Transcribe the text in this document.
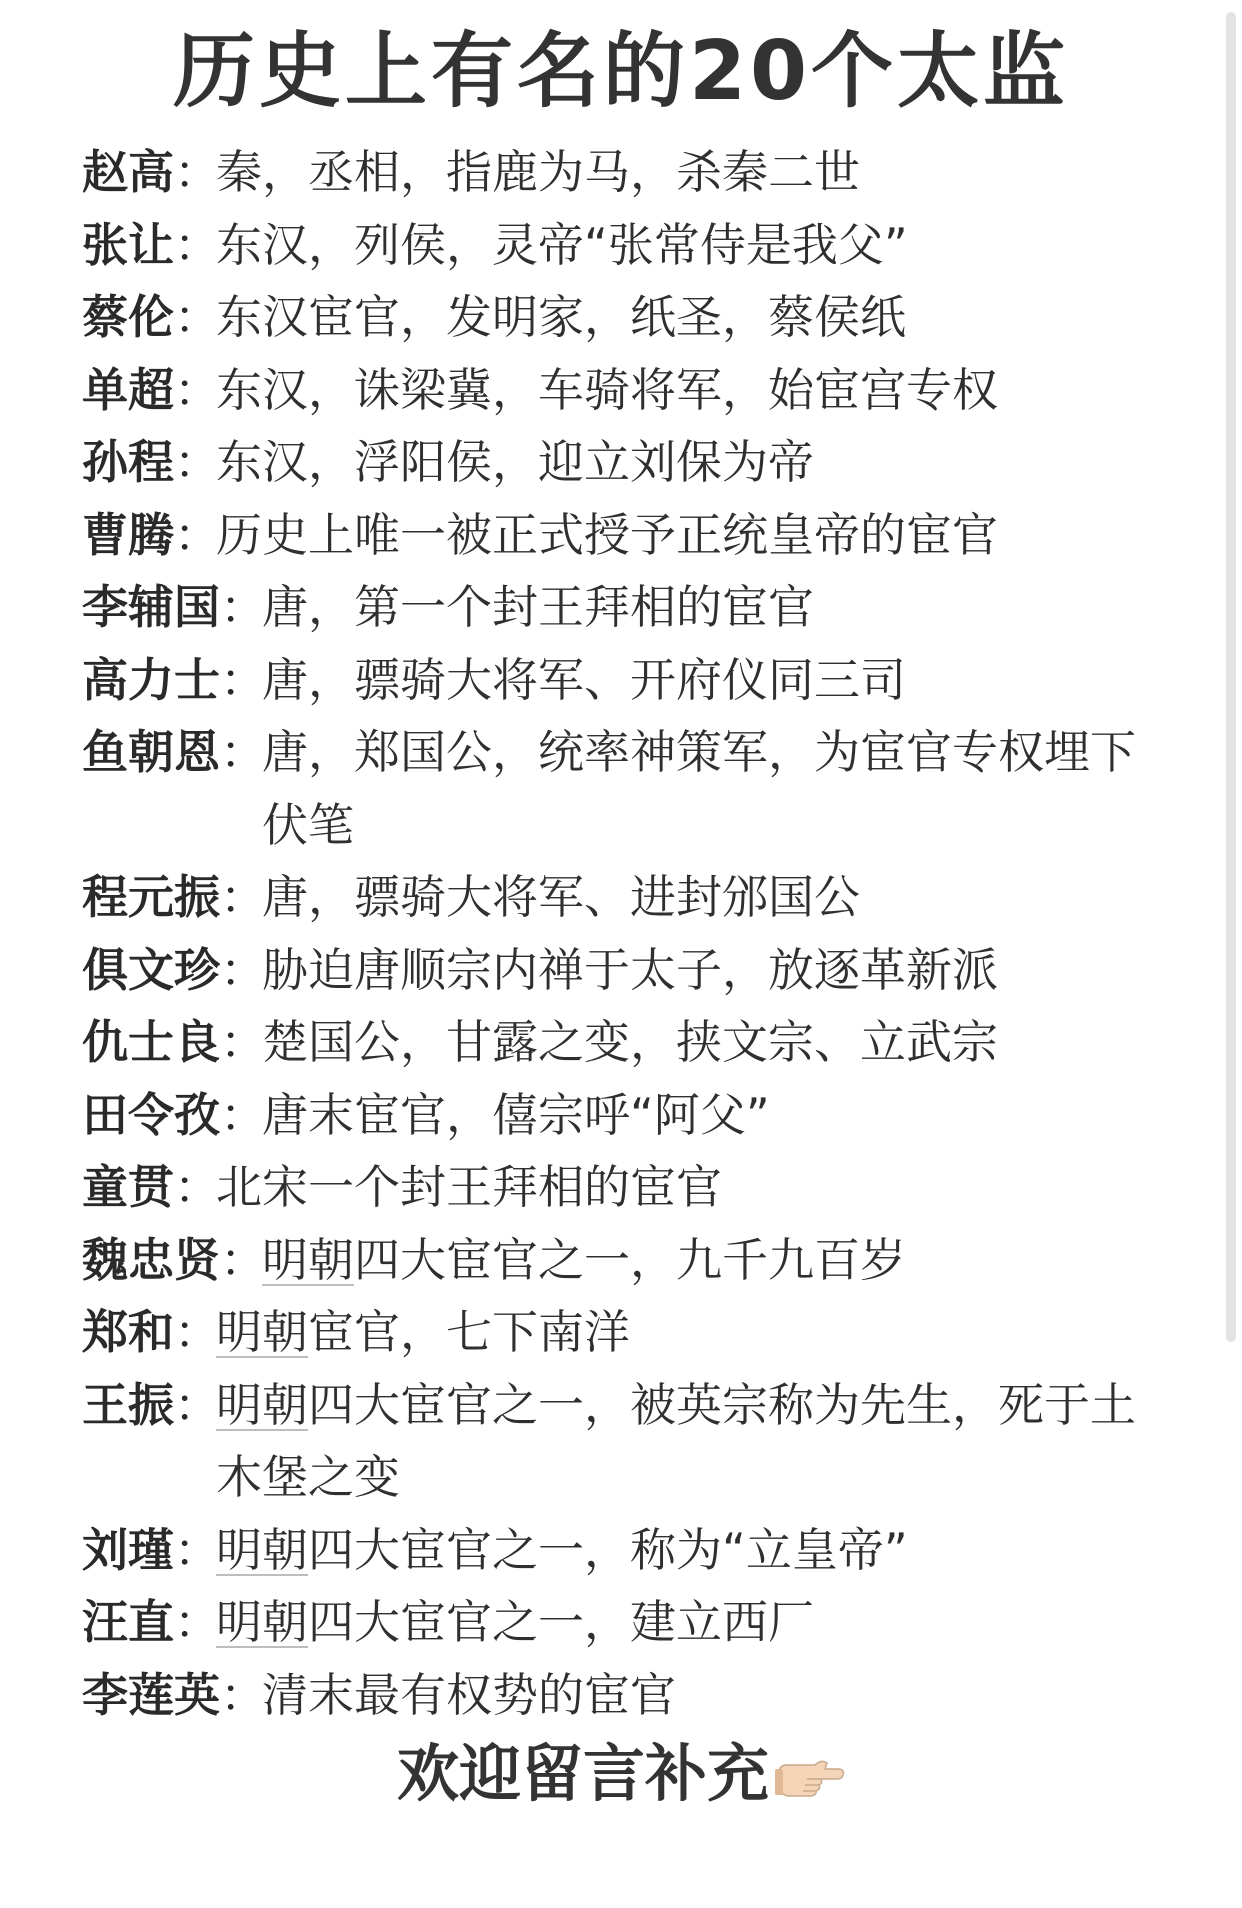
历史上有名的20个太监
赵高 ：
秦，丞相，指鹿为马，杀秦二世
张让 ：
东汉，列侯，灵帝“张常侍是我父”
蔡伦 ：
东汉宦官，发明家，纸圣，蔡侯纸
单超 ：
东汉，诛梁冀，车骑将军，始宦宫专权
孙程 ：
东汉，浮阳侯，迎立刘保为帝
曹腾 ：
历史上唯一被正式授予正统皇帝的宦官
李辅国 ：
唐，第一个封王拜相的宦官
高力士 ：
唐，骠骑大将军、开府仪同三司
鱼朝恩 ：
唐，郑国公，统率神策军，为宦官专权埋下伏笔
程元振 ：
唐，骠骑大将军、进封邠国公
俱文珍 ：
胁迫唐顺宗内禅于太子，放逐革新派
仇士良 ：
楚国公，甘露之变，挟文宗、立武宗
田令孜 ：
唐末宦官，僖宗呼“阿父”
童贯 ：
北宋一个封王拜相的宦官
魏忠贤 ：
明朝四大宦官之一，九千九百岁
郑和 ：
明朝宦官，七下南洋
王振 ：
明朝四大宦官之一，被英宗称为先生，死于土木堡之变
刘瑾 ：
明朝四大宦官之一，称为“立皇帝”
汪直 ：
明朝四大宦官之一，建立西厂
李莲英 ：
清末最有权势的宦官
欢迎留言补充
